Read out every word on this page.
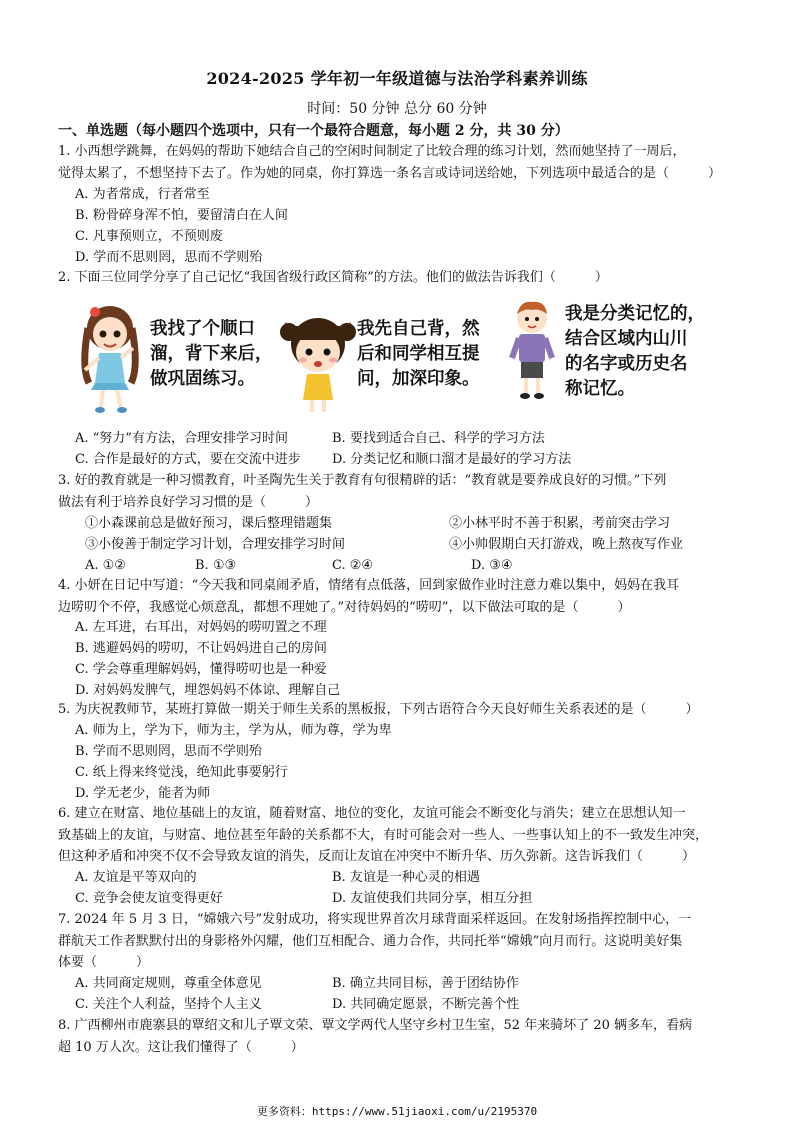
2024-2025 学年初一年级道德与法治学科素养训练
时间：50 分钟 总分 60 分钟
一、单选题（每小题四个选项中，只有一个最符合题意，每小题 2 分，共 30 分）
1. 小西想学跳舞，在妈妈的帮助下她结合自己的空闲时间制定了比较合理的练习计划，然而她坚持了一周后，
觉得太累了，不想坚持下去了。作为她的同桌，你打算选一条名言或诗词送给她，下列选项中最适合的是（　　　）
A. 为者常成，行者常至
B. 粉骨碎身浑不怕，要留清白在人间
C. 凡事预则立，不预则废
D. 学而不思则罔，思而不学则殆
2. 下面三位同学分享了自己记忆“我国省级行政区简称”的方法。他们的做法告诉我们（　　　）
我找了个顺口
溜，背下来后，
做巩固练习。
我先自己背，然
后和同学相互提
问，加深印象。
我是分类记忆的，
结合区域内山川
的名字或历史名
称记忆。
A. “努力”有方法，合理安排学习时间	B. 要找到适合自己、科学的学习方法
C. 合作是最好的方式，要在交流中进步 D. 分类记忆和顺口溜才是最好的学习方法
3. 好的教育就是一种习惯教育，叶圣陶先生关于教育有句很精辟的话：“教育就是要养成良好的习惯。”下列
做法有利于培养良好学习习惯的是（　　　）
①小森课前总是做好预习，课后整理错题集	②小林平时不善于积累，考前突击学习
③小俊善于制定学习计划，合理安排学习时间	④小帅假期白天打游戏，晚上熬夜写作业
A. ①②	B. ①③	C. ②④	D. ③④
4. 小妍在日记中写道：“今天我和同桌闹矛盾，情绪有点低落，回到家做作业时注意力难以集中，妈妈在我耳
边唠叨个不停，我感觉心烦意乱，都想不理她了。”对待妈妈的“唠叨”，以下做法可取的是（　　　）
A. 左耳进，右耳出，对妈妈的唠叨置之不理
B. 逃避妈妈的唠叨，不让妈妈进自己的房间
C. 学会尊重理解妈妈，懂得唠叨也是一种爱
D. 对妈妈发脾气，埋怨妈妈不体谅、理解自己
5. 为庆祝教师节，某班打算做一期关于师生关系的黑板报，下列古语符合今天良好师生关系表述的是（　　　）
A. 师为上，学为下，师为主，学为从，师为尊，学为卑
B. 学而不思则罔，思而不学则殆
C. 纸上得来终觉浅，绝知此事要躬行
D. 学无老少，能者为师
6. 建立在财富、地位基础上的友谊，随着财富、地位的变化，友谊可能会不断变化与消失；建立在思想认知一
致基础上的友谊，与财富、地位甚至年龄的关系都不大，有时可能会对一些人、一些事认知上的不一致发生冲突，
但这种矛盾和冲突不仅不会导致友谊的消失，反而让友谊在冲突中不断升华、历久弥新。这告诉我们（　　　）
A. 友谊是平等双向的	B. 友谊是一种心灵的相遇
C. 竞争会使友谊变得更好	D. 友谊使我们共同分享，相互分担
7. 2024 年 5 月 3 日，“嫦娥六号”发射成功，将实现世界首次月球背面采样返回。在发射场指挥控制中心，一
群航天工作者默默付出的身影格外闪耀，他们互相配合、通力合作，共同托举“嫦娥”向月而行。这说明美好集
体要（　　　）
A. 共同商定规则，尊重全体意见	B. 确立共同目标，善于团结协作
C. 关注个人利益，坚持个人主义	D. 共同确定愿景，不断完善个性
8. 广西柳州市鹿寨县的覃绍文和儿子覃文荣、覃文学两代人坚守乡村卫生室，52 年来骑坏了 20 辆多车，看病
超 10 万人次。这让我们懂得了（　　　）
更多资料：https://www.51jiaoxi.com/u/2195370
